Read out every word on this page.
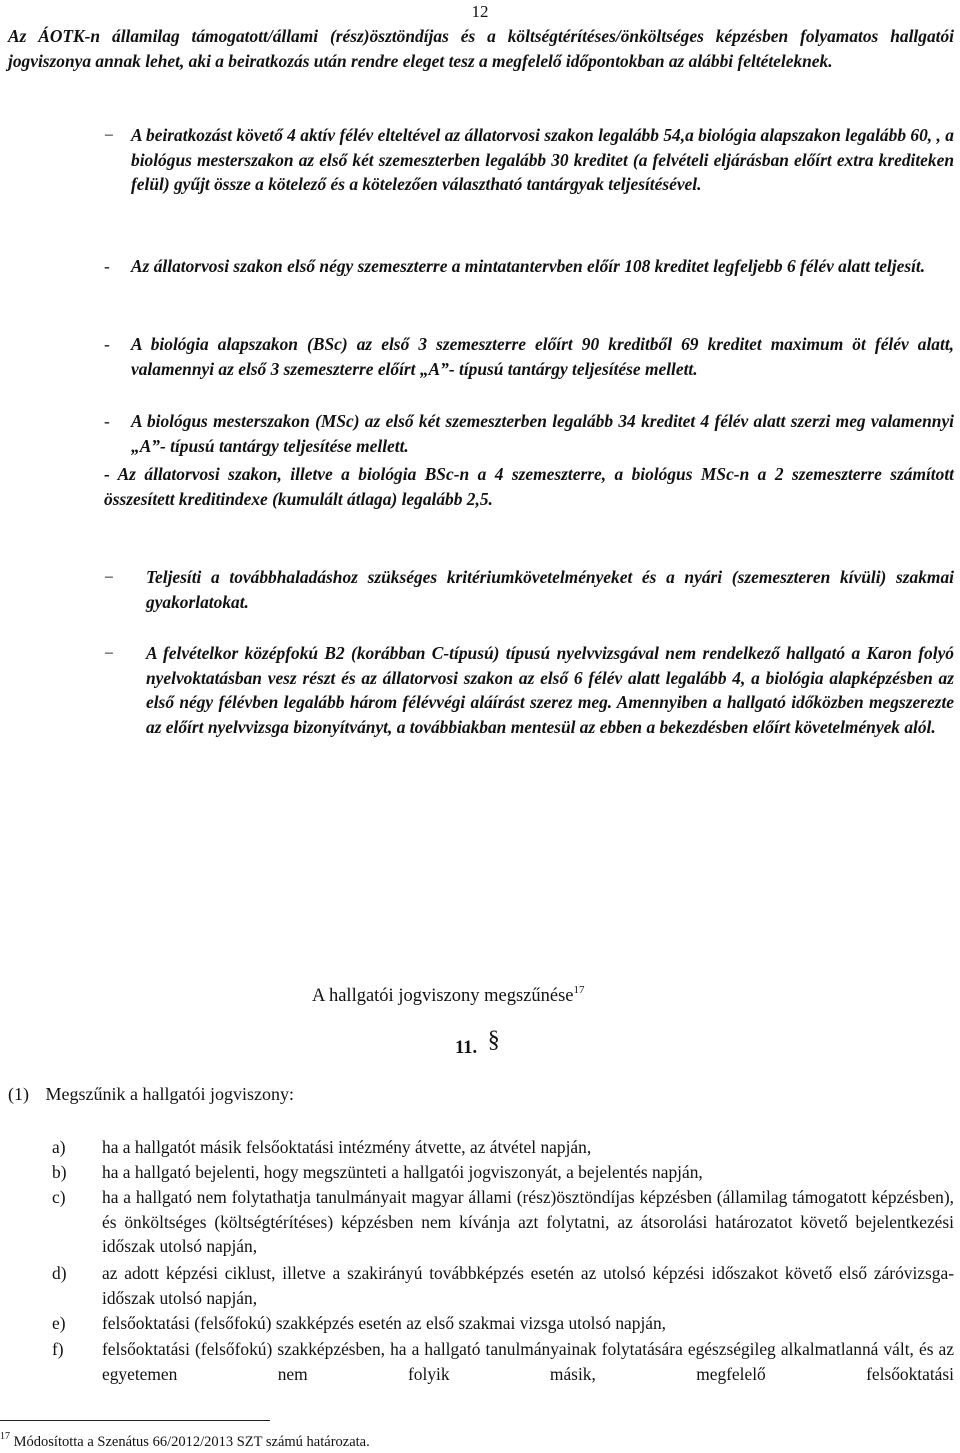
12
Az ÁOTK-n államilag támogatott/állami (rész)ösztöndíjas és a költségtérítéses/önköltséges képzésben folyamatos hallgatói jogviszonya annak lehet, aki a beiratkozás után rendre eleget tesz a megfelelő időpontokban az alábbi feltételeknek.
− A beiratkozást követő 4 aktív félév elteltével az állatorvosi szakon legalább 54,a biológia alapszakon legalább 60, , a biológus mesterszakon az első két szemeszterben legalább 30 kreditet (a felvételi eljárásban előírt extra krediteken felül) gyűjt össze a kötelező és a kötelezően választható tantárgyak teljesítésével.
- Az állatorvosi szakon első négy szemeszterre a mintatantervben előír 108 kreditet legfeljebb 6 félév alatt teljesít.
- A biológia alapszakon (BSc) az első 3 szemeszterre előírt 90 kreditből 69 kreditet maximum öt félév alatt, valamennyi az első 3 szemeszterre előírt „A”- típusú tantárgy teljesítése mellett.
- A biológus mesterszakon (MSc) az első két szemeszterben legalább 34 kreditet 4 félév alatt szerzi meg valamennyi „A”- típusú tantárgy teljesítése mellett.
- Az állatorvosi szakon, illetve a biológia BSc-n a 4 szemeszterre, a biológus MSc-n a 2 szemeszterre számított összesített kreditindexe (kumulált átlaga) legalább 2,5.
− Teljesíti a továbbhaladáshoz szükséges kritériumkövetelményeket és a nyári (szemeszteren kívüli) szakmai gyakorlatokat.
− A felvételkor középfokú B2 (korábban C-típusú) típusú nyelvvizsgával nem rendelkező hallgató a Karon folyó nyelvoktatásban vesz részt és az állatorvosi szakon az első 6 félév alatt legalább 4, a biológia alapképzésben az első négy félévben legalább három félévvégi aláírást szerez meg. Amennyiben a hallgató időközben megszerezte az előírt nyelvvizsga bizonyítványt, a továbbiakban mentesül az ebben a bekezdésben előírt követelmények alól.
A hallgatói jogviszony megszűnése$^{17}$
11. §
(1) Megszűnik a hallgatói jogviszony:
a) ha a hallgatót másik felsőoktatási intézmény átvette, az átvétel napján,
b) ha a hallgató bejelenti, hogy megszünteti a hallgatói jogviszonyát, a bejelentés napján,
c) ha a hallgató nem folytathatja tanulmányait magyar állami (rész)ösztöndíjas képzésben (államilag támogatott képzésben), és önköltséges (költségtérítéses) képzésben nem kívánja azt folytatni, az átsorolási határozatot követő bejelentkezési időszak utolsó napján,
d) az adott képzési ciklust, illetve a szakirányú továbbképzés esetén az utolsó képzési időszakot követő első záróvizsga-időszak utolsó napján,
e) felsőoktatási (felsőfokú) szakképzés esetén az első szakmai vizsga utolsó napján,
f) felsőoktatási (felsőfokú) szakképzésben, ha a hallgató tanulmányainak folytatására egészségileg alkalmatlanná vált, és az egyetemen nem folyik másik, megfelelő felsőoktatási
$^{17}$ Módosította a Szenátus 66/2012/2013 SZT számú határozata.
